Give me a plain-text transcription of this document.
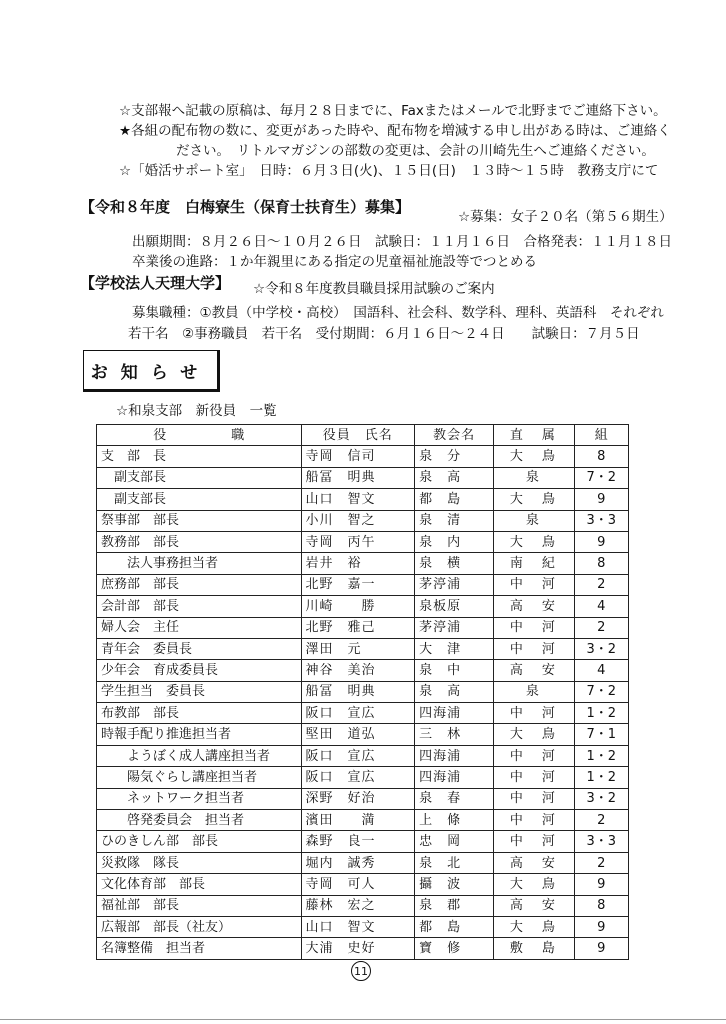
☆支部報へ記載の原稿は、毎月２８日までに、Faxまたはメールで北野までご連絡下さい。
★各組の配布物の数に、変更があった時や、配布物を増減する申し出がある時は、ご連絡く
ださい。　リトルマガジンの部数の変更は、会計の川崎先生へご連絡ください。
☆「婚活サポート室」　日時：６月３日(火)、１５日(日)　１３時～１５時　教務支庁にて
【令和８年度　白梅寮生（保育士扶育生）募集】
☆募集：女子２０名（第５６期生）
出願期間：８月２６日～１０月２６日　試験日：１１月１６日　合格発表：１１月１８日
卒業後の進路：１か年親里にある指定の児童福祉施設等でつとめる
【学校法人天理大学】 ☆令和８年度教員職員採用試験のご案内
募集職種：①教員（中学校・高校）　国語科、社会科、数学科、理科、英語科　それぞれ
若干名　②事務職員　若干名　受付期間：６月１６日～２４日　　試験日：７月５日
お知らせ
☆和泉支部　新役員　一覧
役　　　　　職	役員　氏名	教会名	直　属	組
支　部　長	寺岡　信司	泉　分	大　鳥	8
　副支部長	船冨　明典	泉　高	泉	7・2
　副支部長	山口　智文	都　島	大　鳥	9
祭事部　部長	小川　智之	泉　清	泉	3・3
教務部　部長	寺岡　丙午	泉　内	大　鳥	9
　　法人事務担当者	岩井　裕	泉　横	南　紀	8
庶務部　部長	北野　嘉一	茅渟浦	中　河	2
会計部　部長	川崎　　勝	泉板原	高　安	4
婦人会　主任	北野　雅己	茅渟浦	中　河	2
青年会　委員長	澤田　元	大　津	中　河	3・2
少年会　育成委員長	神谷　美治	泉　中	高　安	4
学生担当　委員長	船冨　明典	泉　高	泉	7・2
布教部　部長	阪口　宣広	四海浦	中　河	1・2
時報手配り推進担当者	堅田　道弘	三　林	大　鳥	7・1
　　ようぼく成人講座担当者	阪口　宣広	四海浦	中　河	1・2
　　陽気ぐらし講座担当者	阪口　宣広	四海浦	中　河	1・2
　　ネットワーク担当者	深野　好治	泉　春	中　河	3・2
　　啓発委員会　担当者	濱田　　満	上　條	中　河	2
ひのきしん部　部長	森野　良一	忠　岡	中　河	3・3
災救隊　隊長	堀内　誠秀	泉　北	高　安	2
文化体育部　部長	寺岡　可人	攝　波	大　鳥	9
福祉部　部長	藤林　宏之	泉　郡	高　安	8
広報部　部長（社友）	山口　智文	都　島	大　鳥	9
名簿整備　担当者	大浦　史好	寶　修	敷　島	9
11
